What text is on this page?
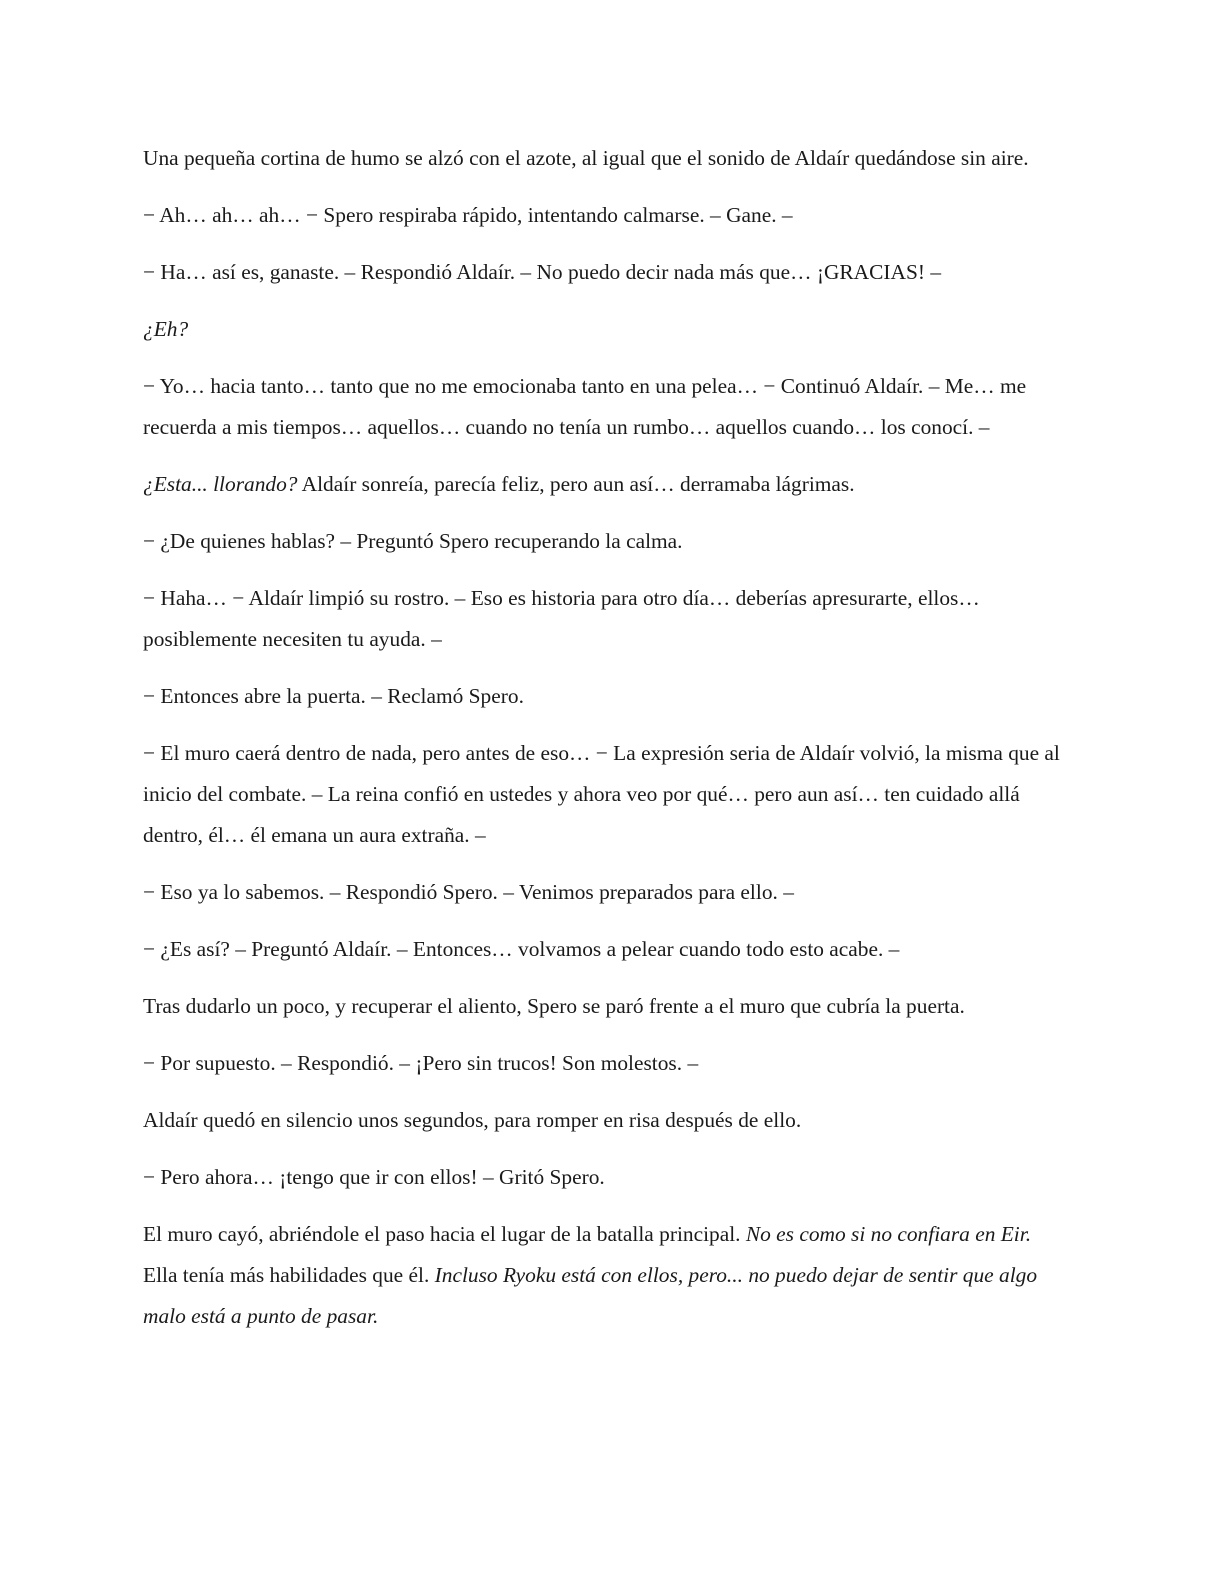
Una pequeña cortina de humo se alzó con el azote, al igual que el sonido de Aldaír quedándose sin aire.

− Ah… ah… ah… − Spero respiraba rápido, intentando calmarse. – Gane. –

− Ha… así es, ganaste. – Respondió Aldaír. – No puedo decir nada más que… ¡GRACIAS! –

¿Eh?

− Yo… hacia tanto… tanto que no me emocionaba tanto en una pelea… − Continuó Aldaír. – Me… me recuerda a mis tiempos… aquellos… cuando no tenía un rumbo… aquellos cuando… los conocí. –

¿Esta... llorando? Aldaír sonreía, parecía feliz, pero aun así… derramaba lágrimas.

− ¿De quienes hablas? – Preguntó Spero recuperando la calma.

− Haha… − Aldaír limpió su rostro. – Eso es historia para otro día… deberías apresurarte, ellos… posiblemente necesiten tu ayuda. –

− Entonces abre la puerta. – Reclamó Spero.

− El muro caerá dentro de nada, pero antes de eso… − La expresión seria de Aldaír volvió, la misma que al inicio del combate. – La reina confió en ustedes y ahora veo por qué… pero aun así… ten cuidado allá dentro, él… él emana un aura extraña. –

− Eso ya lo sabemos. – Respondió Spero. – Venimos preparados para ello. –

− ¿Es así? – Preguntó Aldaír. – Entonces… volvamos a pelear cuando todo esto acabe. –

Tras dudarlo un poco, y recuperar el aliento, Spero se paró frente a el muro que cubría la puerta.

− Por supuesto. – Respondió. – ¡Pero sin trucos! Son molestos. –

Aldaír quedó en silencio unos segundos, para romper en risa después de ello.

− Pero ahora… ¡tengo que ir con ellos! – Gritó Spero.

El muro cayó, abriéndole el paso hacia el lugar de la batalla principal. No es como si no confiara en Eir. Ella tenía más habilidades que él. Incluso Ryoku está con ellos, pero... no puedo dejar de sentir que algo malo está a punto de pasar.
